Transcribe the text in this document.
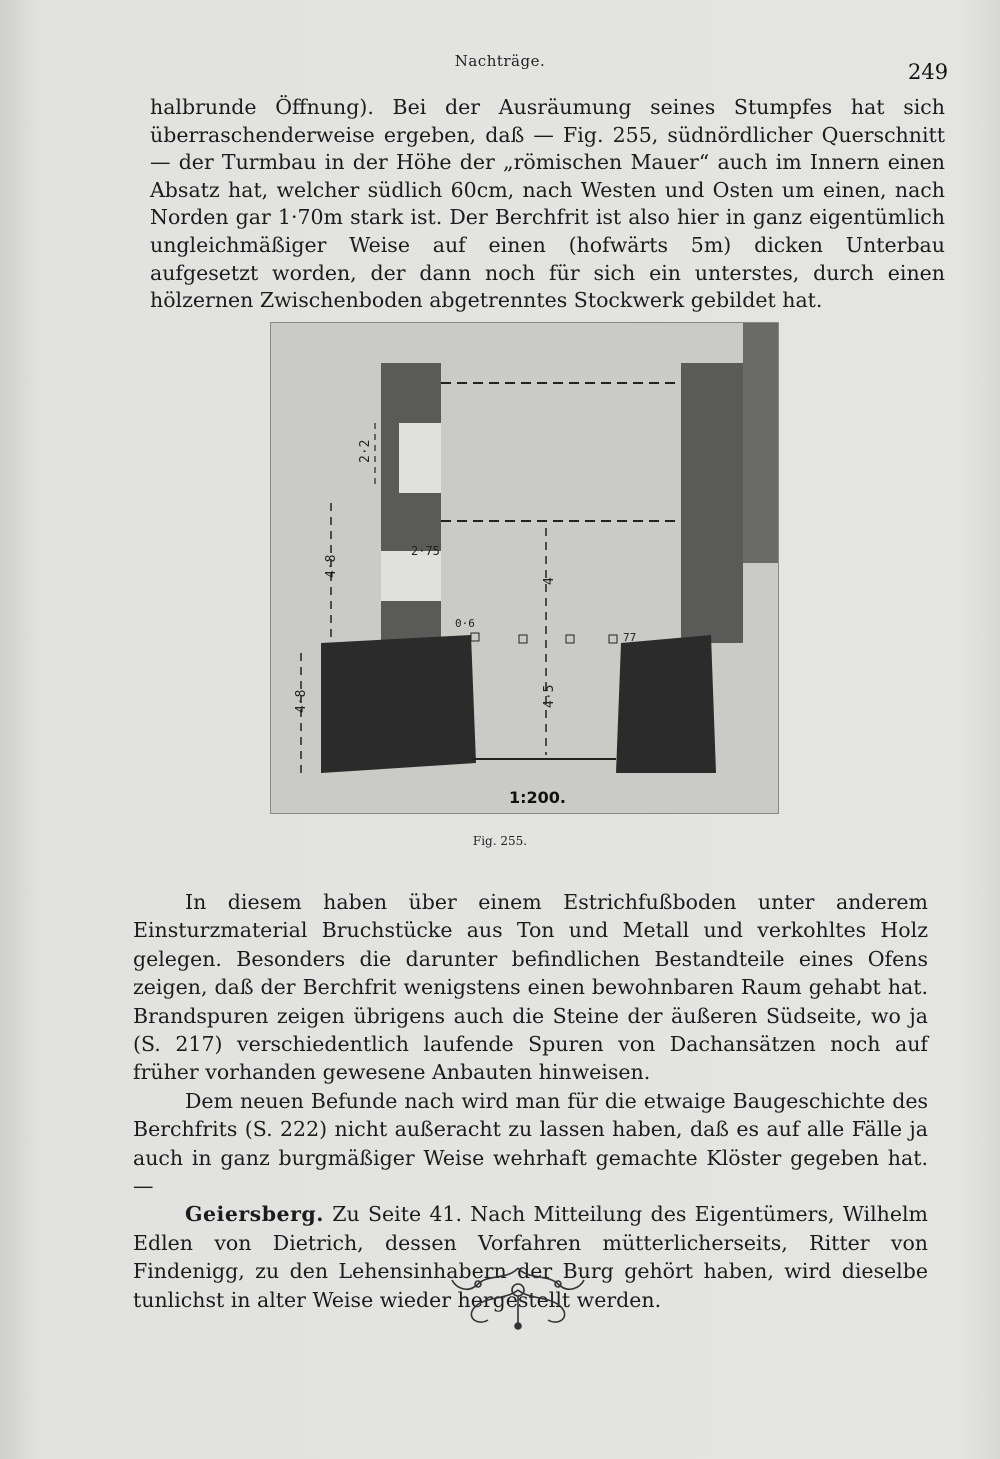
Nachträge.	249

halbrunde Öffnung). Bei der Ausräumung seines Stumpfes hat sich überraschenderweise ergeben, daß — Fig. 255, südnördlicher Querschnitt — der Turmbau in der Höhe der „römischen Mauer“ auch im Innern einen Absatz hat, welcher südlich 60cm, nach Westen und Osten um einen, nach Norden gar 1·70m stark ist. Der Berchfrit ist also hier in ganz eigentümlich ungleichmäßiger Weise auf einen (hofwärts 5m) dicken Unterbau aufgesetzt worden, der dann noch für sich ein unterstes, durch einen hölzernen Zwischenboden abgetrenntes Stockwerk gebildet hat.

2·2
2·75
4·8
4·8
4
4·5
0·6
77
1:200.
Fig. 255.
In diesem haben über einem Estrichfußboden unter anderem Einsturzmaterial Bruchstücke aus Ton und Metall und verkohltes Holz gelegen. Besonders die darunter befindlichen Bestandteile eines Ofens zeigen, daß der Berchfrit wenigstens einen bewohnbaren Raum gehabt hat. Brandspuren zeigen übrigens auch die Steine der äußeren Südseite, wo ja (S. 217) verschiedentlich laufende Spuren von Dachansätzen noch auf früher vorhanden gewesene Anbauten hinweisen.
Dem neuen Befunde nach wird man für die etwaige Baugeschichte des Berchfrits (S. 222) nicht außeracht zu lassen haben, daß es auf alle Fälle ja auch in ganz burgmäßiger Weise wehrhaft gemachte Klöster gegeben hat. —
Geiersberg. Zu Seite 41. Nach Mitteilung des Eigentümers, Wilhelm Edlen von Dietrich, dessen Vorfahren mütterlicherseits, Ritter von Findenigg, zu den Lehensinhabern der Burg gehört haben, wird dieselbe tunlichst in alter Weise wieder hergestellt werden.
